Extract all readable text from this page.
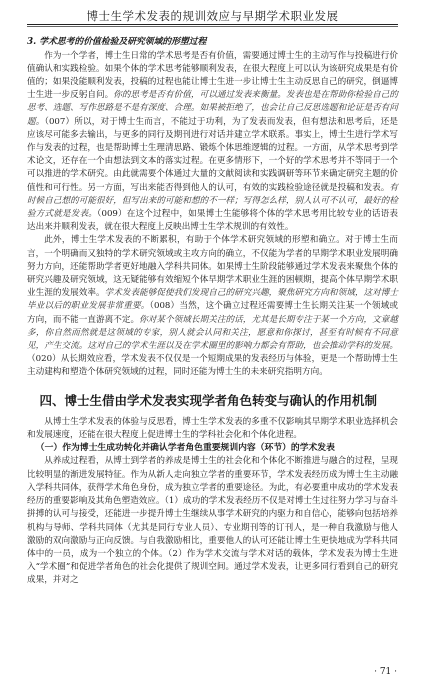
博士生学术发表的规训效应与早期学术职业发展

3. 学术思考的价值检验及研究领域的形塑过程

作为一个学者，博士生日常的学术思考是否有价值，需要通过博士生的主动写作与投稿进行价值确认和实践检验。如果个体的学术思考能够顺利发表，在很大程度上可以认为该研究成果是有价值的；如果没能顺利发表，投稿的过程也能让博士生进一步让博士生主动反思自己的研究，倒逼博士生进一步反躬自问。你的思考是否有价值，可以通过发表来衡量。发表也是在帮助你检验自己的思考、选题、写作思路是不是有深度、合理。如果被拒绝了，也会让自己反思选题和论证是否有问题。（007）所以，对于博士生而言，不能过于功利，为了发表而发表，但有想法和思考后，还是应该尽可能多去输出，与更多的同行及期刊进行对话并建立学术联系。事实上，博士生进行学术写作与发表的过程，也是帮助博士生理清思路、锻炼个体思维逻辑的过程。一方面，从学术思考到学术论文，还存在一个由想法到文本的落实过程。在更多情形下，一个好的学术思考并不等同于一个可以推进的学术研究。由此就需要个体通过大量的文献阅读和实践调研等环节来确定研究主题的价值性和可行性。另一方面，写出来能否得到他人的认可，有效的实践检验途径就是投稿和发表。有时候自己想的可能很好，但写出来的可能和想的不一样；写得怎么样，别人认可不认可，最好的检验方式就是发表。（009）在这个过程中，如果博士生能够将个体的学术思考用比较专业的话语表达出来并顺利发表，就在很大程度上反映出博士生学术规训的有效性。

此外，博士生学术发表的不断累积，有助于个体学术研究领域的形塑和确立。对于博士生而言，一个明确而又独特的学术研究领域或主攻方向的确立，不仅能为学者的早期学术职业发展明确努力方向，还能帮助学者更好地融入学科共同体。如果博士生阶段能够通过学术发表来聚焦个体的研究兴趣及研究领域，这无疑能够有效缩短个体早期学术职业生涯的困顿期，提高个体早期学术职业生涯的发展效率。学术发表能够促使我们发现自己的研究兴趣，聚焦研究方向和领域，这对博士毕业以后的职业发展非常重要。（008）当然，这个确立过程还需要博士生长期关注某一个领域或方向，而不能一直游离不定。你对某个领域长期关注的话，尤其是长期专注于某一个方向，文章越多，你自然而然就是这领域的专家，别人就会认同和关注，愿意和你探讨，甚至有时候有不同意见，产生交流。这对自己的学术生涯以及在学术圈里的影响力都会有帮助，也会推动学科的发展。（020）从长期效应看，学术发表不仅仅是一个短期成果的发表经历与体验，更是一个帮助博士生主动建构和塑造个体研究领域的过程，同时还能为博士生的未来研究指明方向。

四、博士生借由学术发表实现学者角色转变与确认的作用机制

从博士生学术发表的体验与反思看，博士生学术发表的多重不仅影响其早期学术职业选择机会和发展速度，还能在很大程度上促进博士生的学科社会化和个体化进程。

（一）作为博士生成功转化并确认学者角色重要规训内容（环节）的学术发表

从养成过程看，从博士到学者的养成是博士生的社会化和个体化不断推进与融合的过程，呈现比较明显的渐进发展特征。作为从新人走向独立学者的重要环节，学术发表经历成为博士生主动融入学科共同体，获得学术角色身份，成为独立学者的重要途径。为此，有必要重申成功的学术发表经历的重要影响及其角色塑造效应。（1）成功的学术发表经历不仅是对博士生过往努力学习与奋斗拼搏的认可与接受，还能进一步提升博士生继续从事学术研究的内驱力和自信心，能够向包括培养机构与导师、学科共同体（尤其是同行专业人员）、专业期刊等的订刊人，是一种自我激励与他人激励的双向激励与正向反馈。与自我激励相比，重要他人的认可还能让博士生更快地成为学科共同体中的一员，成为一个独立的个体。（2）作为学术交流与学术对话的载体，学术发表为博士生进入“学术圈”和促进学者角色的社会化提供了规训空间。通过学术发表，让更多同行看到自己的研究成果，并对之

· 71 ·
